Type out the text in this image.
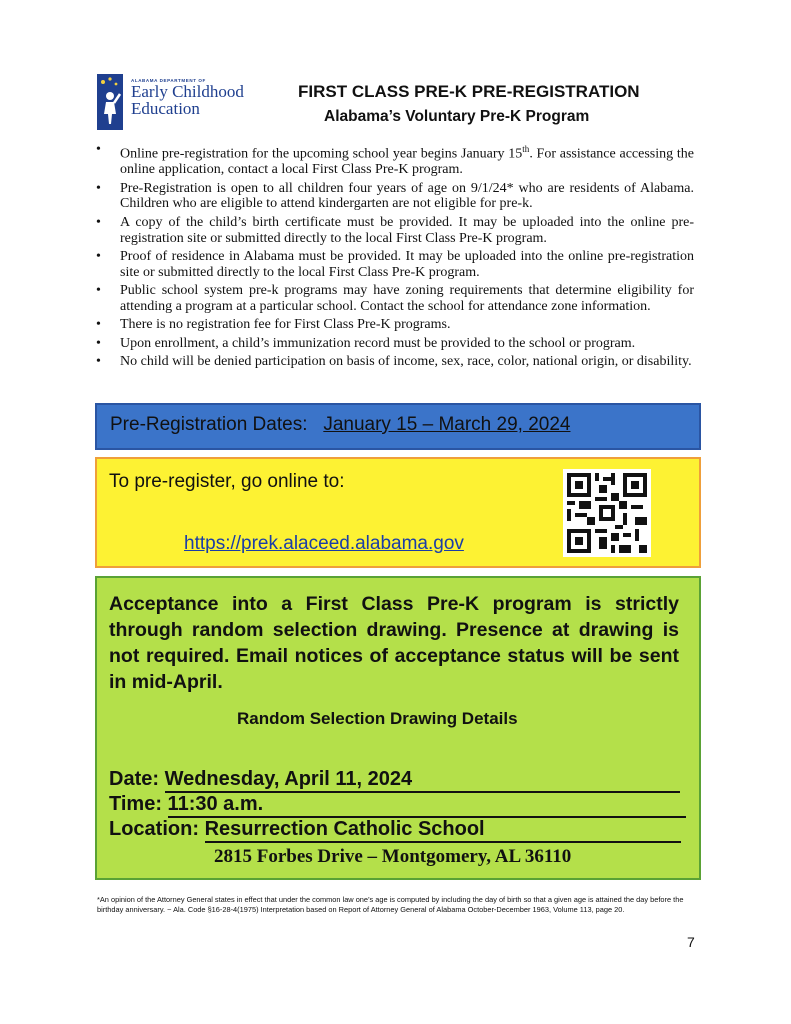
ALABAMA DEPARTMENT OF
Early Childhood
Education
FIRST CLASS PRE-K PRE-REGISTRATION
Alabama’s Voluntary Pre-K Program
• Online pre-registration for the upcoming school year begins January 15th. For assistance accessing the online application, contact a local First Class Pre-K program.
• Pre-Registration is open to all children four years of age on 9/1/24* who are residents of Alabama. Children who are eligible to attend kindergarten are not eligible for pre-k.
• A copy of the child’s birth certificate must be provided. It may be uploaded into the online pre-registration site or submitted directly to the local First Class Pre-K program.
• Proof of residence in Alabama must be provided. It may be uploaded into the online pre-registration site or submitted directly to the local First Class Pre-K program.
• Public school system pre-k programs may have zoning requirements that determine eligibility for attending a program at a particular school. Contact the school for attendance zone information.
• There is no registration fee for First Class Pre-K programs.
• Upon enrollment, a child’s immunization record must be provided to the school or program.
• No child will be denied participation on basis of income, sex, race, color, national origin, or disability.
Pre-Registration Dates: January 15 – March 29, 2024
To pre-register, go online to:
https://prek.alaceed.alabama.gov
Acceptance into a First Class Pre-K program is strictly through random selection drawing. Presence at drawing is not required. Email notices of acceptance status will be sent in mid-April.
Random Selection Drawing Details
Date: Wednesday, April 11, 2024
Time: 11:30 a.m.
Location: Resurrection Catholic School
2815 Forbes Drive – Montgomery, AL 36110
*An opinion of the Attorney General states in effect that under the common law one’s age is computed by including the day of birth so that a given age is attained the day before the birthday anniversary. ~ Ala. Code §16-28-4(1975) Interpretation based on Report of Attorney General of Alabama October-December 1963, Volume 113, page 20.
7
